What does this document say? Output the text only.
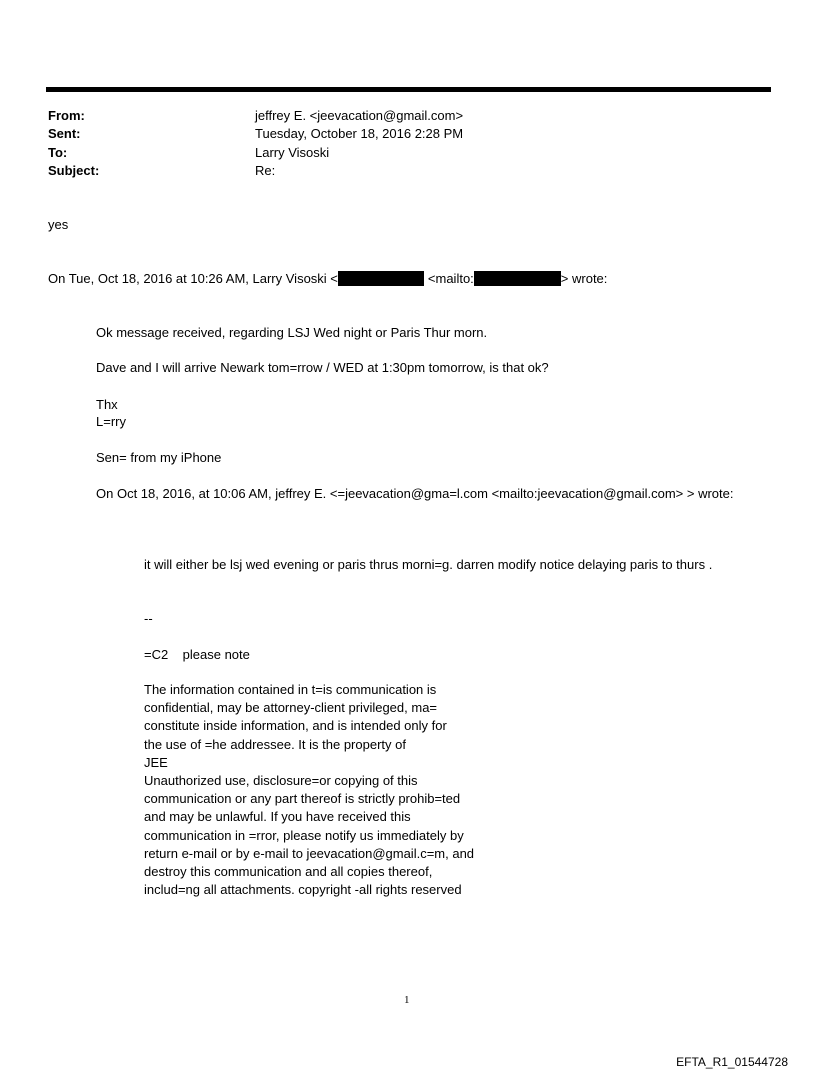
From:	jeffrey E. <jeevacation@gmail.com>
Sent:	Tuesday, October 18, 2016 2:28 PM
To:	Larry Visoski
Subject:	Re:
yes
On Tue, Oct 18, 2016 at 10:26 AM, Larry Visoski <	<mailto:	> wrote:
Ok message received, regarding LSJ Wed night or Paris Thur morn.
Dave and I will arrive Newark tom=rrow / WED at 1:30pm tomorrow, is that ok?
Thx
L=rry
Sen= from my iPhone
On Oct 18, 2016, at 10:06 AM, jeffrey E. <=jeevacation@gma=l.com <mailto:jeevacation@gmail.com> > wrote:
it will either be lsj wed evening or paris thrus morni=g. darren modify notice delaying paris to thurs .
--
=C2    please note
The information contained in t=is communication is
confidential, may be attorney-client privileged, ma=
constitute inside information, and is intended only for
the use of =he addressee. It is the property of
JEE
Unauthorized use, disclosure=or copying of this
communication or any part thereof is strictly prohib=ted
and may be unlawful. If you have received this
communication in =rror, please notify us immediately by
return e-mail or by e-mail to jeevacation@gmail.c=m, and
destroy this communication and all copies thereof,
includ=ng all attachments. copyright -all rights reserved
1
EFTA_R1_01544728
